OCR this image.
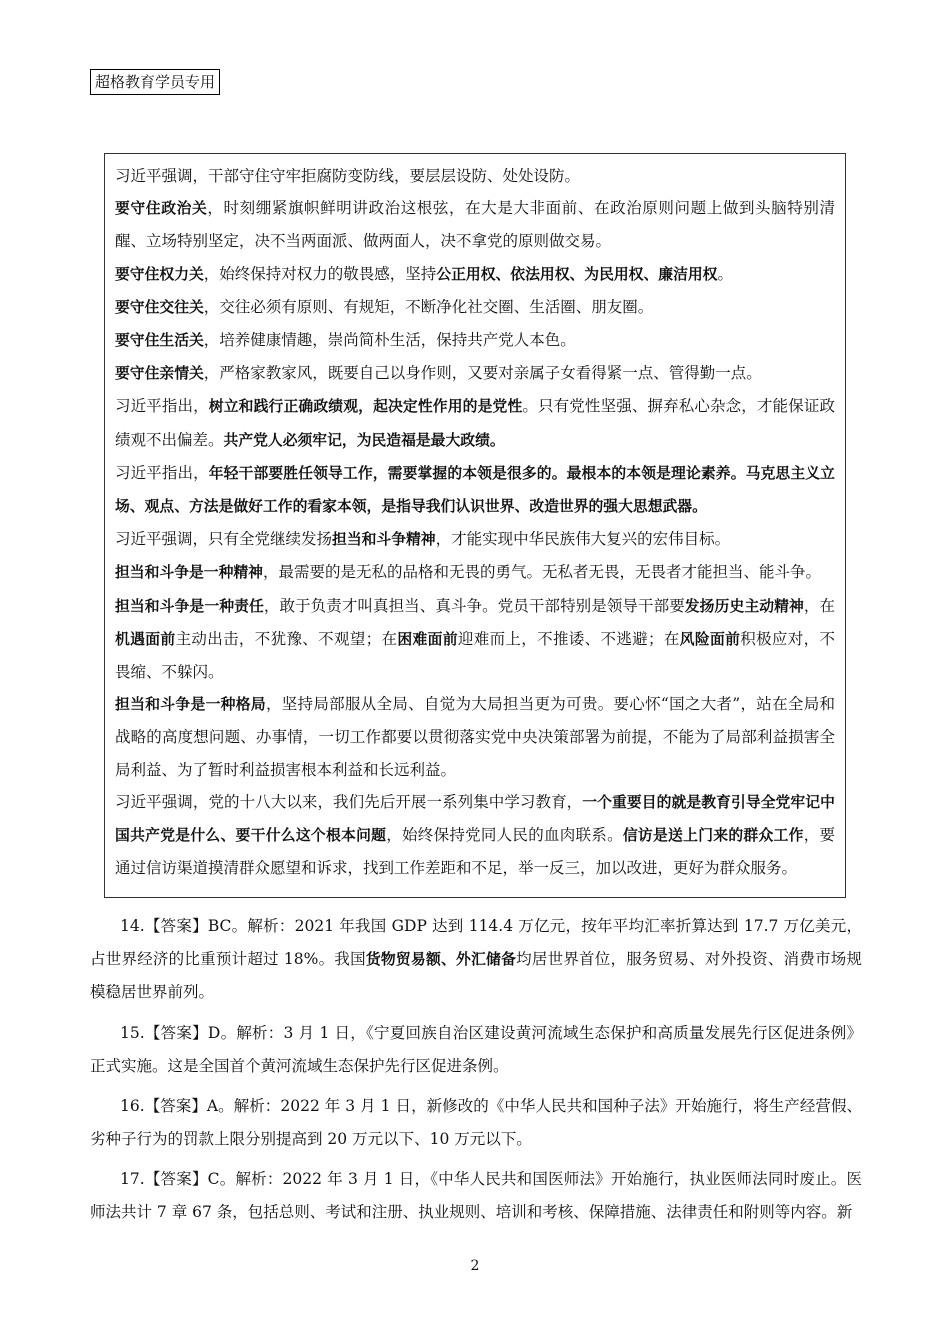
超格教育学员专用

习近平强调，干部守住守牢拒腐防变防线，要层层设防、处处设防。

要守住政治关，时刻绷紧旗帜鲜明讲政治这根弦，在大是大非面前、在政治原则问题上做到头脑特别清醒、立场特别坚定，决不当两面派、做两面人，决不拿党的原则做交易。

要守住权力关，始终保持对权力的敬畏感，坚持公正用权、依法用权、为民用权、廉洁用权。

要守住交往关，交往必须有原则、有规矩，不断净化社交圈、生活圈、朋友圈。

要守住生活关，培养健康情趣，崇尚简朴生活，保持共产党人本色。

要守住亲情关，严格家教家风，既要自己以身作则，又要对亲属子女看得紧一点、管得勤一点。

习近平指出，树立和践行正确政绩观，起决定性作用的是党性。只有党性坚强、摒弃私心杂念，才能保证政绩观不出偏差。共产党人必须牢记，为民造福是最大政绩。

习近平指出，年轻干部要胜任领导工作，需要掌握的本领是很多的。最根本的本领是理论素养。马克思主义立场、观点、方法是做好工作的看家本领，是指导我们认识世界、改造世界的强大思想武器。

习近平强调，只有全党继续发扬担当和斗争精神，才能实现中华民族伟大复兴的宏伟目标。

担当和斗争是一种精神，最需要的是无私的品格和无畏的勇气。无私者无畏，无畏者才能担当、能斗争。

担当和斗争是一种责任，敢于负责才叫真担当、真斗争。党员干部特别是领导干部要发扬历史主动精神，在机遇面前主动出击，不犹豫、不观望；在困难面前迎难而上，不推诿、不逃避；在风险面前积极应对，不畏缩、不躲闪。

担当和斗争是一种格局，坚持局部服从全局、自觉为大局担当更为可贵。要心怀“国之大者”，站在全局和战略的高度想问题、办事情，一切工作都要以贯彻落实党中央决策部署为前提，不能为了局部利益损害全局利益、为了暂时利益损害根本利益和长远利益。

习近平强调，党的十八大以来，我们先后开展一系列集中学习教育，一个重要目的就是教育引导全党牢记中国共产党是什么、要干什么这个根本问题，始终保持党同人民的血肉联系。信访是送上门来的群众工作，要通过信访渠道摸清群众愿望和诉求，找到工作差距和不足，举一反三，加以改进，更好为群众服务。

14.【答案】BC。解析：2021 年我国 GDP 达到 114.4 万亿元，按年平均汇率折算达到 17.7 万亿美元，占世界经济的比重预计超过 18%。我国货物贸易额、外汇储备均居世界首位，服务贸易、对外投资、消费市场规模稳居世界前列。

15.【答案】D。解析：3 月 1 日，《宁夏回族自治区建设黄河流域生态保护和高质量发展先行区促进条例》正式实施。这是全国首个黄河流域生态保护先行区促进条例。

16.【答案】A。解析：2022 年 3 月 1 日，新修改的《中华人民共和国种子法》开始施行，将生产经营假、劣种子行为的罚款上限分别提高到 20 万元以下、10 万元以下。

17.【答案】C。解析：2022 年 3 月 1 日，《中华人民共和国医师法》开始施行，执业医师法同时废止。医师法共计 7 章 67 条，包括总则、考试和注册、执业规则、培训和考核、保障措施、法律责任和附则等内容。新

2
